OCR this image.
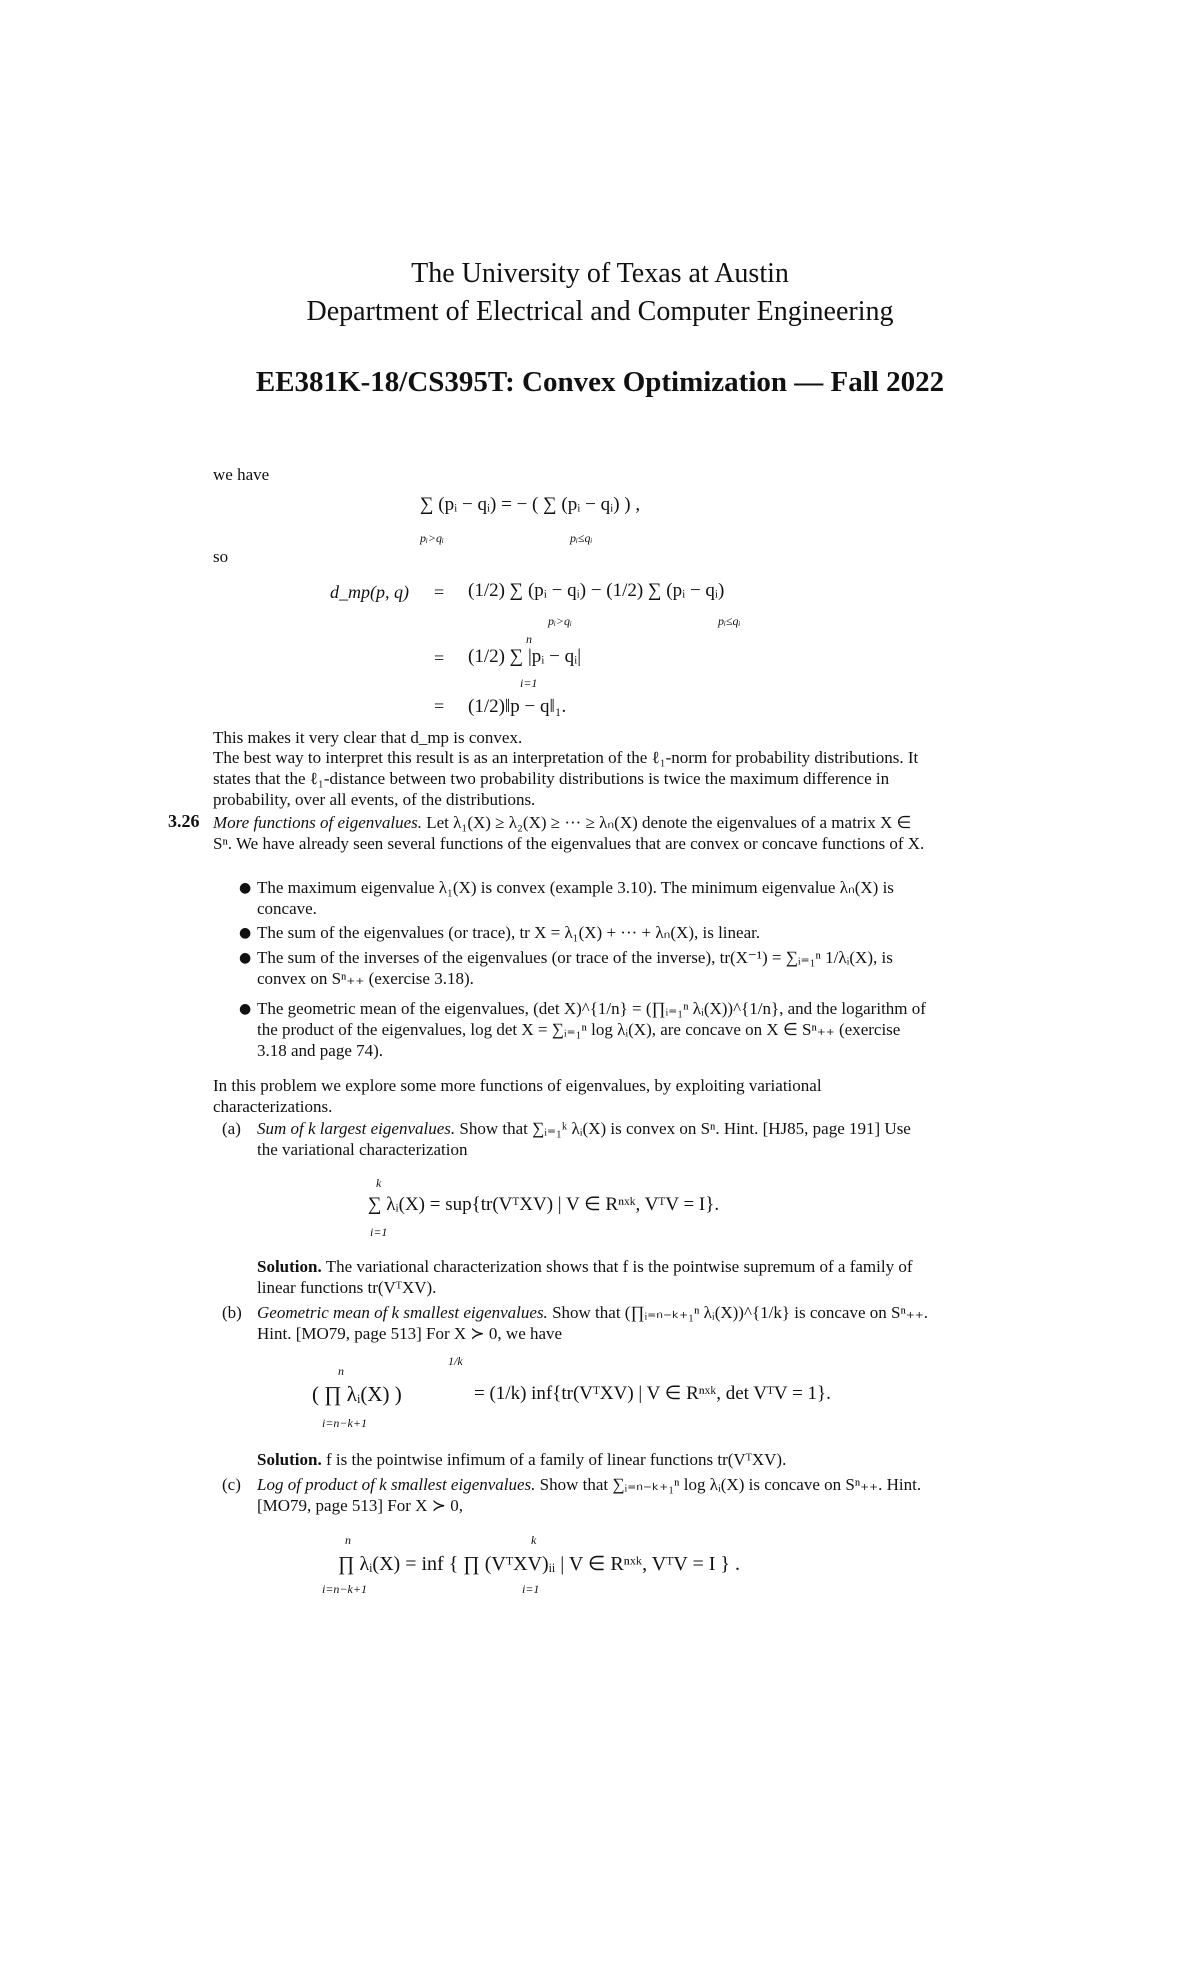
The University of Texas at Austin
Department of Electrical and Computer Engineering
EE381K-18/CS395T: Convex Optimization — Fall 2022
we have
∑ (pᵢ − qᵢ) = − ( ∑ (pᵢ − qᵢ) ) ,
pᵢ>qᵢ	pᵢ≤qᵢ
so
d_mp(p, q) = (1/2) ∑ (pᵢ − qᵢ) − (1/2) ∑ (pᵢ − qᵢ)
pᵢ>qᵢ	pᵢ≤qᵢ
n
= (1/2) ∑ |pᵢ − qᵢ|
i=1
= (1/2)‖p − q‖₁.
This makes it very clear that d_mp is convex.
The best way to interpret this result is as an interpretation of the ℓ₁-norm for probability distributions. It states that the ℓ₁-distance between two probability distributions is twice the maximum difference in probability, over all events, of the distributions.
3.26 More functions of eigenvalues. Let λ₁(X) ≥ λ₂(X) ≥ ··· ≥ λₙ(X) denote the eigenvalues of a matrix X ∈ Sⁿ. We have already seen several functions of the eigenvalues that are convex or concave functions of X.
● The maximum eigenvalue λ₁(X) is convex (example 3.10). The minimum eigenvalue λₙ(X) is concave.
● The sum of the eigenvalues (or trace), tr X = λ₁(X) + ··· + λₙ(X), is linear.
● The sum of the inverses of the eigenvalues (or trace of the inverse), tr(X⁻¹) = ∑ᵢ₌₁ⁿ 1/λᵢ(X), is convex on Sⁿ₊₊ (exercise 3.18).
● The geometric mean of the eigenvalues, (det X)^{1/n} = (∏ᵢ₌₁ⁿ λᵢ(X))^{1/n}, and the logarithm of the product of the eigenvalues, log det X = ∑ᵢ₌₁ⁿ log λᵢ(X), are concave on X ∈ Sⁿ₊₊ (exercise 3.18 and page 74).
In this problem we explore some more functions of eigenvalues, by exploiting variational characterizations.
(a) Sum of k largest eigenvalues. Show that ∑ᵢ₌₁ᵏ λᵢ(X) is convex on Sⁿ. Hint. [HJ85, page 191] Use the variational characterization
k
∑ λᵢ(X) = sup{tr(VᵀXV) | V ∈ Rⁿˣᵏ, VᵀV = I}.
i=1
Solution. The variational characterization shows that f is the pointwise supremum of a family of linear functions tr(VᵀXV).
(b) Geometric mean of k smallest eigenvalues. Show that (∏ᵢ₌ₙ₋ₖ₊₁ⁿ λᵢ(X))^{1/k} is concave on Sⁿ₊₊. Hint. [MO79, page 513] For X ≻ 0, we have
n
1/k
( ∏ λᵢ(X) )	= (1/k) inf{tr(VᵀXV) | V ∈ Rⁿˣᵏ, det VᵀV = 1}.
i=n−k+1
Solution. f is the pointwise infimum of a family of linear functions tr(VᵀXV).
(c) Log of product of k smallest eigenvalues. Show that ∑ᵢ₌ₙ₋ₖ₊₁ⁿ log λᵢ(X) is concave on Sⁿ₊₊. Hint. [MO79, page 513] For X ≻ 0,
n	k
∏ λᵢ(X) = inf { ∏ (VᵀXV)ᵢᵢ | V ∈ Rⁿˣᵏ, VᵀV = I } .
i=n−k+1	i=1
